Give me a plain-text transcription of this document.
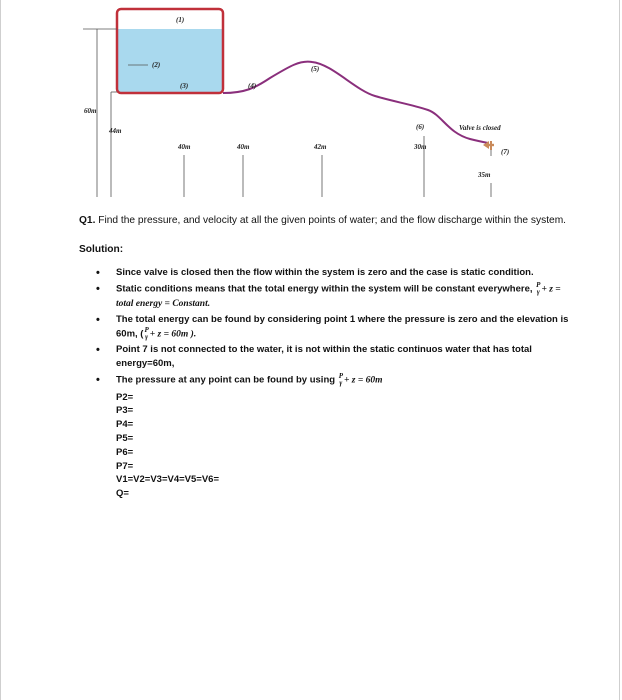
(1)
(2)
(3)	(4)
(5)
(6)
(7)
60m
44m
40m	40m	42m	30m
35m
Valve is closed

Q1. Find the pressure, and velocity at all the given points of water; and the flow discharge within the system.

Solution:
• Since valve is closed then the flow within the system is zero and the case is static condition.
• Static conditions means that the total energy within the system will be constant everywhere, P
γ + z = total energy = Constant.
• The total energy can be found by considering point 1 where the pressure is zero and the elevation is 60m, ( P
γ + z = 60m ).
• Point 7 is not connected to the water, it is not within the static continuos water that has total energy=60m,
• The pressure at any point can be found by using P
γ + z = 60m
P2=
P3=
P4=
P5=
P6=
P7=
V1=V2=V3=V4=V5=V6=
Q=
